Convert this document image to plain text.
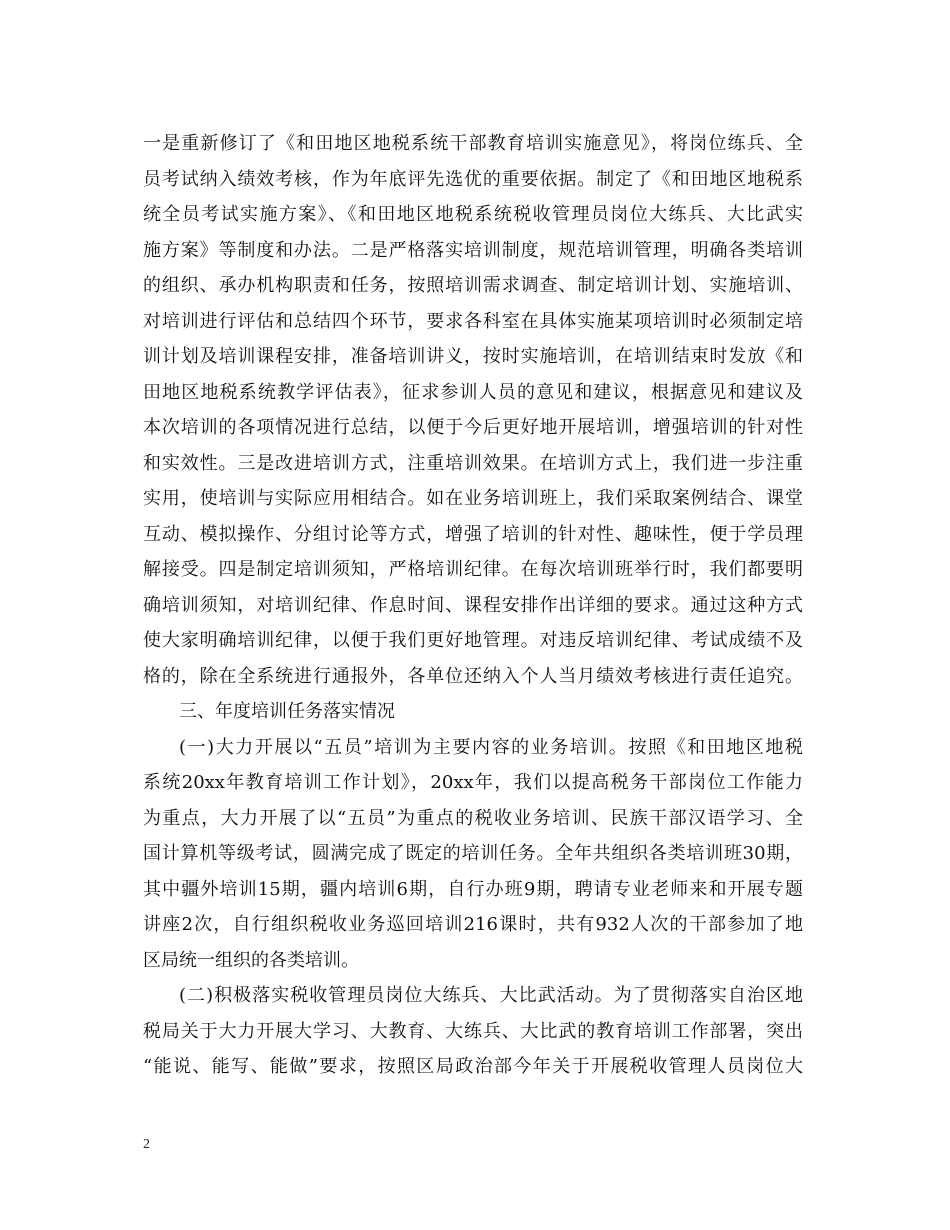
一是重新修订了《和田地区地税系统干部教育培训实施意见》，将岗位练兵、全
员考试纳入绩效考核，作为年底评先选优的重要依据。制定了《和田地区地税系
统全员考试实施方案》、《和田地区地税系统税收管理员岗位大练兵、大比武实
施方案》等制度和办法。二是严格落实培训制度，规范培训管理，明确各类培训
的组织、承办机构职责和任务，按照培训需求调查、制定培训计划、实施培训、
对培训进行评估和总结四个环节，要求各科室在具体实施某项培训时必须制定培
训计划及培训课程安排，准备培训讲义，按时实施培训，在培训结束时发放《和
田地区地税系统教学评估表》，征求参训人员的意见和建议，根据意见和建议及
本次培训的各项情况进行总结，以便于今后更好地开展培训，增强培训的针对性
和实效性。三是改进培训方式，注重培训效果。在培训方式上，我们进一步注重
实用，使培训与实际应用相结合。如在业务培训班上，我们采取案例结合、课堂
互动、模拟操作、分组讨论等方式，增强了培训的针对性、趣味性，便于学员理
解接受。四是制定培训须知，严格培训纪律。在每次培训班举行时，我们都要明
确培训须知，对培训纪律、作息时间、课程安排作出详细的要求。通过这种方式
使大家明确培训纪律，以便于我们更好地管理。对违反培训纪律、考试成绩不及
格的，除在全系统进行通报外，各单位还纳入个人当月绩效考核进行责任追究。
三、年度培训任务落实情况
(一)大力开展以“五员”培训为主要内容的业务培训。按照《和田地区地税
系统20xx年教育培训工作计划》，20xx年，我们以提高税务干部岗位工作能力
为重点，大力开展了以“五员”为重点的税收业务培训、民族干部汉语学习、全
国计算机等级考试，圆满完成了既定的培训任务。全年共组织各类培训班30期，
其中疆外培训15期，疆内培训6期，自行办班9期，聘请专业老师来和开展专题
讲座2次，自行组织税收业务巡回培训216课时，共有932人次的干部参加了地
区局统一组织的各类培训。
(二)积极落实税收管理员岗位大练兵、大比武活动。为了贯彻落实自治区地
税局关于大力开展大学习、大教育、大练兵、大比武的教育培训工作部署，突出
“能说、能写、能做”要求，按照区局政治部今年关于开展税收管理人员岗位大
2
